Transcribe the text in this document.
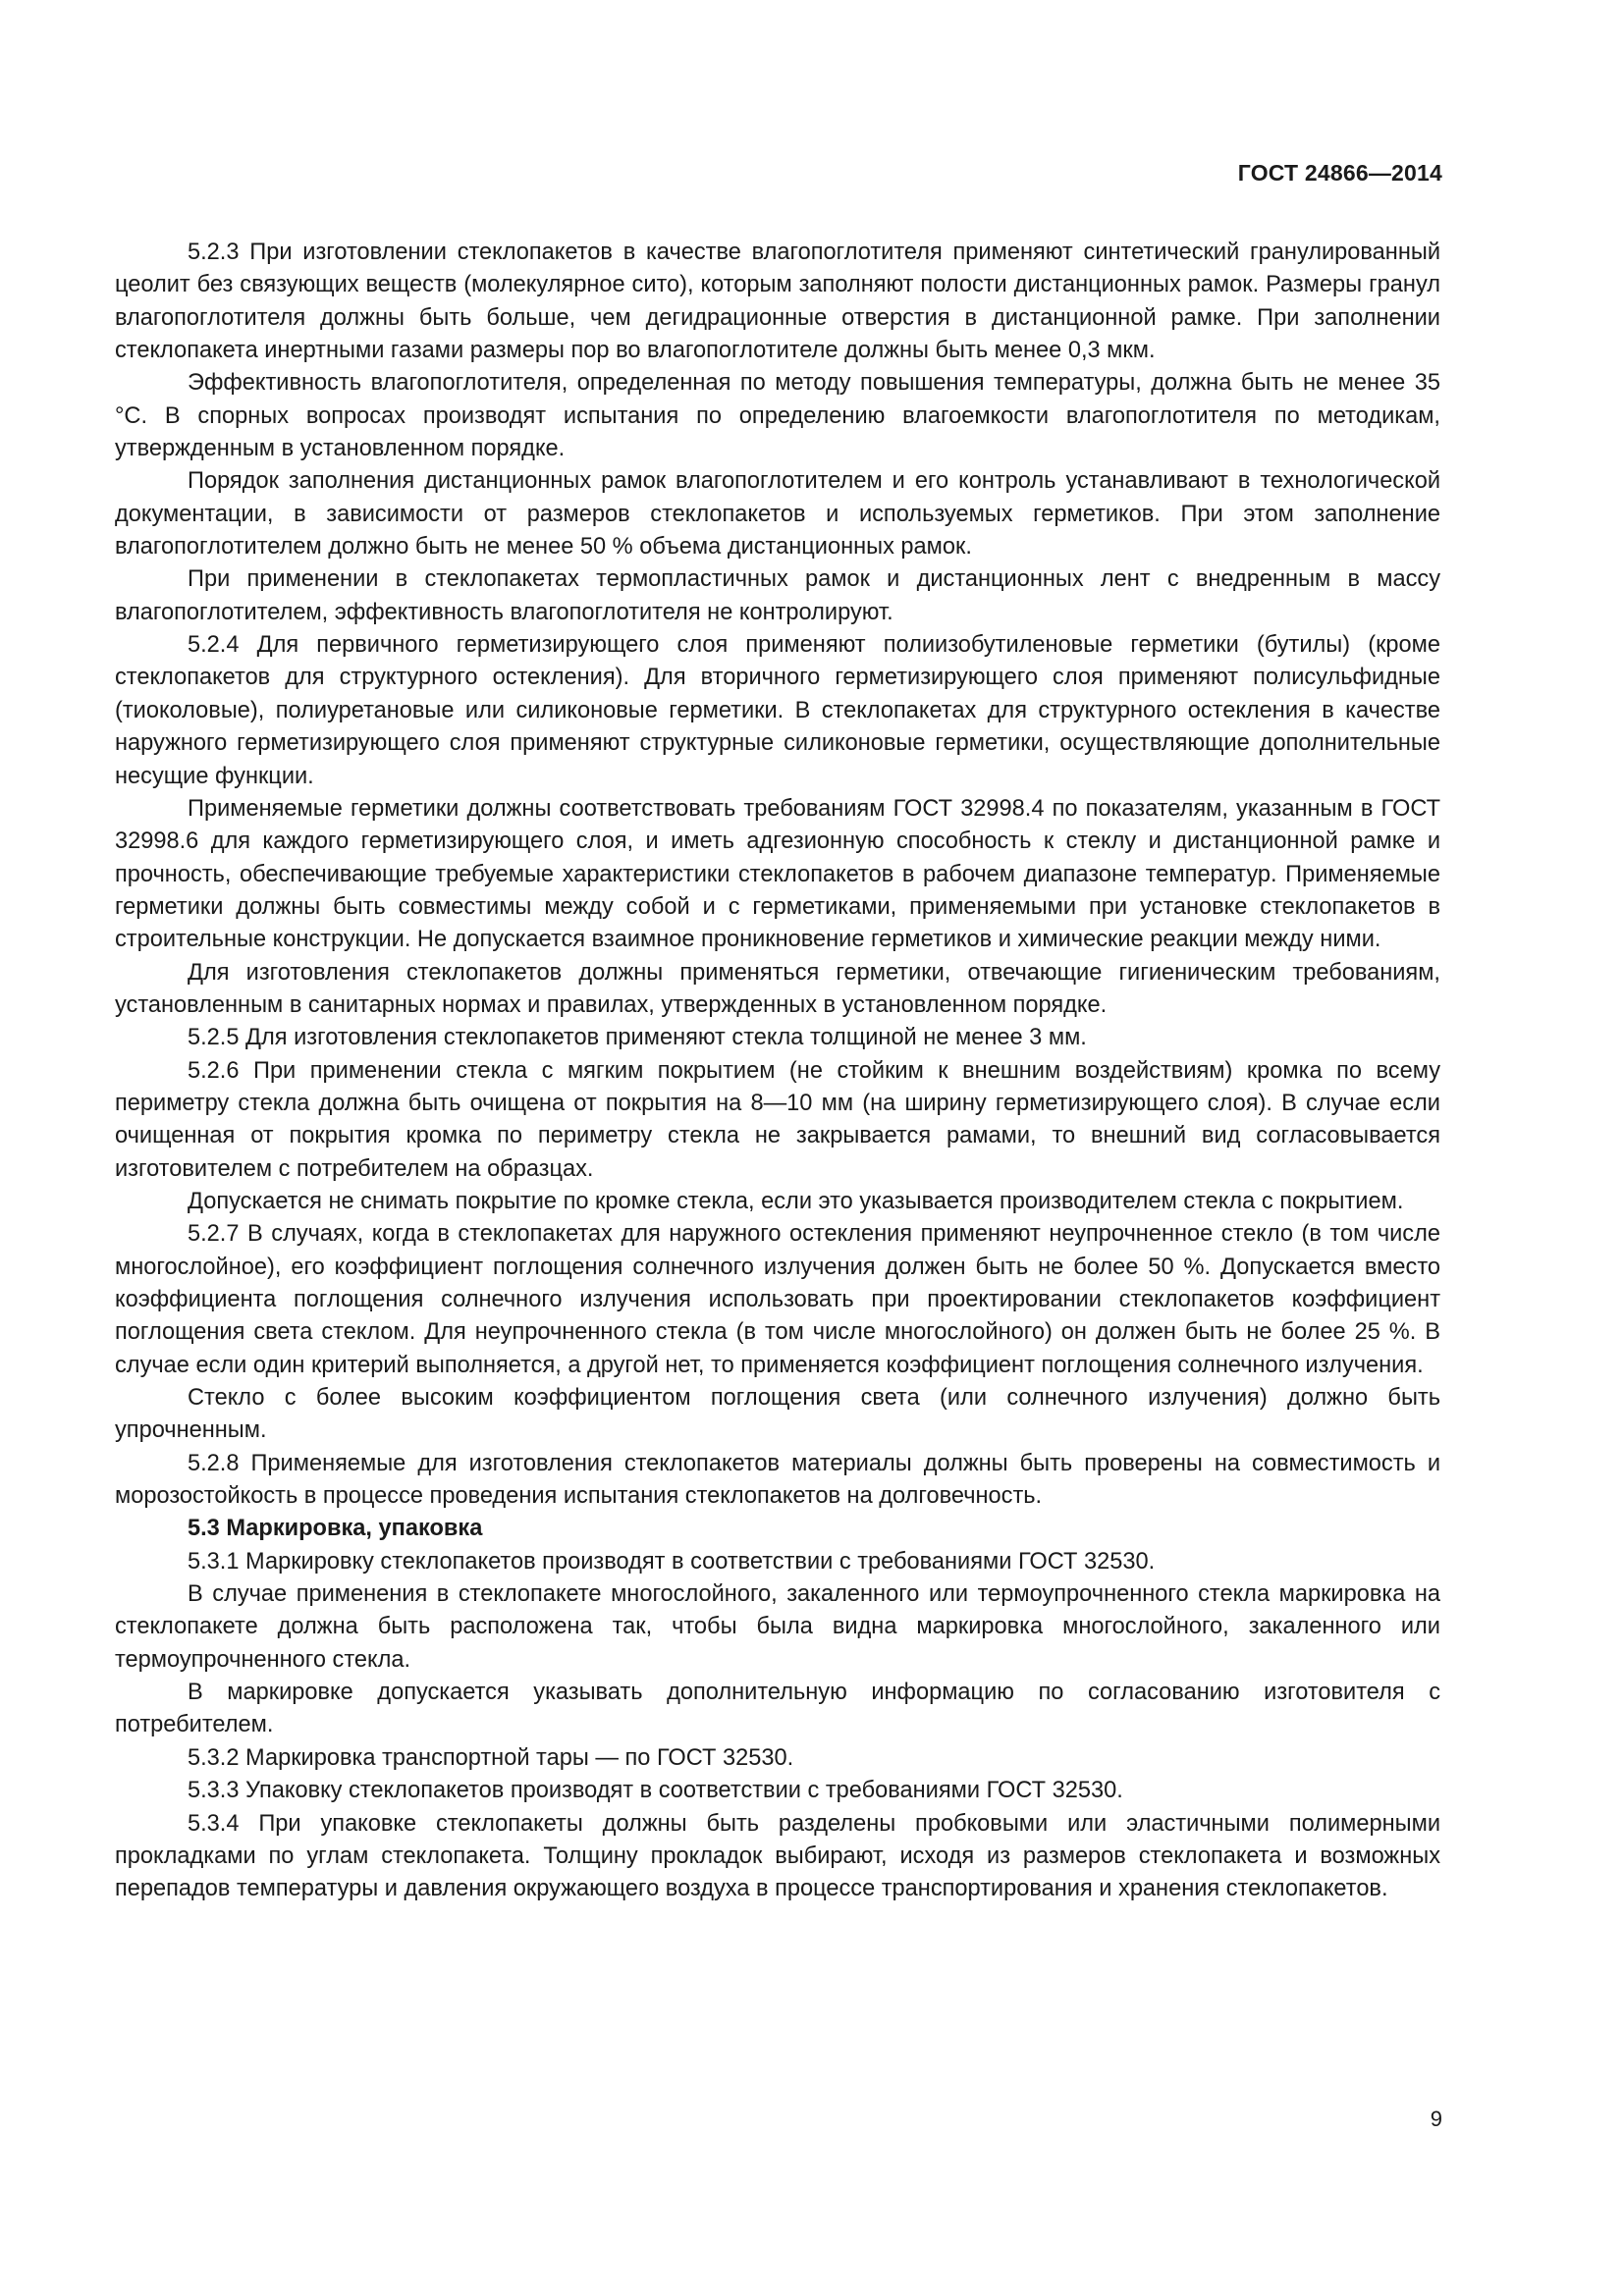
ГОСТ 24866—2014

5.2.3 При изготовлении стеклопакетов в качестве влагопоглотителя применяют синтетический гранулированный цеолит без связующих веществ (молекулярное сито), которым заполняют полости дистанционных рамок. Размеры гранул влагопоглотителя должны быть больше, чем дегидрационные отверстия в дистанционной рамке. При заполнении стеклопакета инертными газами размеры пор во влагопоглотителе должны быть менее 0,3 мкм.

Эффективность влагопоглотителя, определенная по методу повышения температуры, должна быть не менее 35 °С. В спорных вопросах производят испытания по определению влагоемкости влагопоглотителя по методикам, утвержденным в установленном порядке.

Порядок заполнения дистанционных рамок влагопоглотителем и его контроль устанавливают в технологической документации, в зависимости от размеров стеклопакетов и используемых герметиков. При этом заполнение влагопоглотителем должно быть не менее 50 % объема дистанционных рамок.

При применении в стеклопакетах термопластичных рамок и дистанционных лент с внедренным в массу влагопоглотителем, эффективность влагопоглотителя не контролируют.

5.2.4 Для первичного герметизирующего слоя применяют полиизобутиленовые герметики (бутилы) (кроме стеклопакетов для структурного остекления). Для вторичного герметизирующего слоя применяют полисульфидные (тиоколовые), полиуретановые или силиконовые герметики. В стеклопакетах для структурного остекления в качестве наружного герметизирующего слоя применяют структурные силиконовые герметики, осуществляющие дополнительные несущие функции.

Применяемые герметики должны соответствовать требованиям ГОСТ 32998.4 по показателям, указанным в ГОСТ 32998.6 для каждого герметизирующего слоя, и иметь адгезионную способность к стеклу и дистанционной рамке и прочность, обеспечивающие требуемые характеристики стеклопакетов в рабочем диапазоне температур. Применяемые герметики должны быть совместимы между собой и с герметиками, применяемыми при установке стеклопакетов в строительные конструкции. Не допускается взаимное проникновение герметиков и химические реакции между ними.

Для изготовления стеклопакетов должны применяться герметики, отвечающие гигиеническим требованиям, установленным в санитарных нормах и правилах, утвержденных в установленном порядке.

5.2.5 Для изготовления стеклопакетов применяют стекла толщиной не менее 3 мм.

5.2.6 При применении стекла с мягким покрытием (не стойким к внешним воздействиям) кромка по всему периметру стекла должна быть очищена от покрытия на 8—10 мм (на ширину герметизирующего слоя). В случае если очищенная от покрытия кромка по периметру стекла не закрывается рамами, то внешний вид согласовывается изготовителем с потребителем на образцах.

Допускается не снимать покрытие по кромке стекла, если это указывается производителем стекла с покрытием.

5.2.7 В случаях, когда в стеклопакетах для наружного остекления применяют неупрочненное стекло (в том числе многослойное), его коэффициент поглощения солнечного излучения должен быть не более 50 %. Допускается вместо коэффициента поглощения солнечного излучения использовать при проектировании стеклопакетов коэффициент поглощения света стеклом. Для неупрочненного стекла (в том числе многослойного) он должен быть не более 25 %. В случае если один критерий выполняется, а другой нет, то применяется коэффициент поглощения солнечного излучения.

Стекло с более высоким коэффициентом поглощения света (или солнечного излучения) должно быть упрочненным.

5.2.8 Применяемые для изготовления стеклопакетов материалы должны быть проверены на совместимость и морозостойкость в процессе проведения испытания стеклопакетов на долговечность.

5.3 Маркировка, упаковка

5.3.1 Маркировку стеклопакетов производят в соответствии с требованиями ГОСТ 32530.

В случае применения в стеклопакете многослойного, закаленного или термоупрочненного стекла маркировка на стеклопакете должна быть расположена так, чтобы была видна маркировка многослойного, закаленного или термоупрочненного стекла.

В маркировке допускается указывать дополнительную информацию по согласованию изготовителя с потребителем.

5.3.2 Маркировка транспортной тары — по ГОСТ 32530.

5.3.3 Упаковку стеклопакетов производят в соответствии с требованиями ГОСТ 32530.

5.3.4 При упаковке стеклопакеты должны быть разделены пробковыми или эластичными полимерными прокладками по углам стеклопакета. Толщину прокладок выбирают, исходя из размеров стеклопакета и возможных перепадов температуры и давления окружающего воздуха в процессе транспортирования и хранения стеклопакетов.

9
